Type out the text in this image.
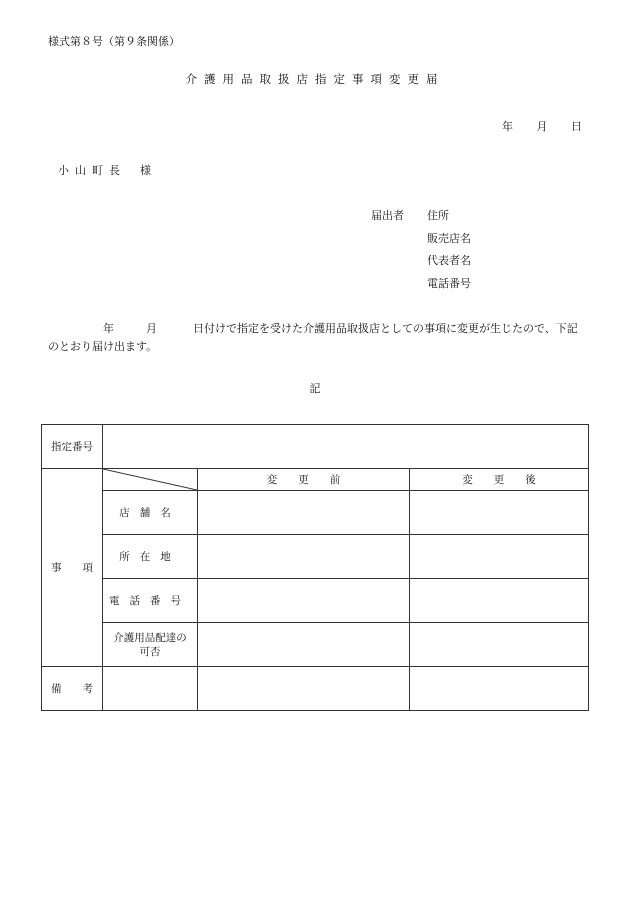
様式第８号（第９条関係）
介護用品取扱店指定事項変更届
年 月 日
小山町長 様
届出者 住所
販売店名
代表者名
電話番号
年	月	日付けで指定を受けた介護用品取扱店としての事項に変更が生じたので、下記のとおり届け出ます。
記
指定番号			
事　　項		変　　更　　前	変　　更　　後
	店舗名		
	所在地		
	電話番号		
	介護用品配達の可否		
備　　考			
